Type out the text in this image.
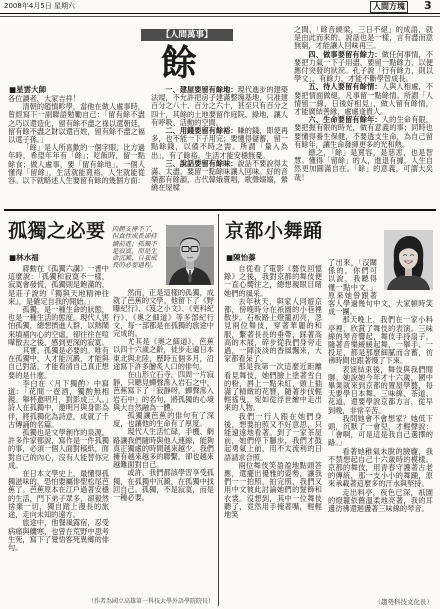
2008年4月5日 星期六	人間方塊 3
【人間萬事】
餘
■星雲大師

各位讀者，大家吉祥！

清朝的趙慎畛學，當他在做人處事時，曾經寫下一副聯語勉勵自己：「留有餘不盡之巧以還造化，留有餘不盡之祿以還朝廷，留有餘不盡之財以還百姓，留有餘不盡之福以還子孫。」

「餘」是人所喜歡的一個字眼，比方過年時，希望年年有「餘」；吃飯時，留一點餘食；做人處事，要「留有餘地」。一個人懂得「留餘」，生活就能寬裕，人生就能從容。以下就略述人生要留有餘的幾個方面：

一、建屋要留有餘地：現代進步的建築法規，不允許把房子建滿整塊基地，只准建百分之八十、百分之六十，甚至只有百分之四十，其餘的土地要留作庭院、綠地，讓人有呼吸、活動的空間。

二、用錢要留有餘裕：賺的錢，即使再多，也不能一下子用完；要懂得儲蓄，留一點餘錢，以備不時之需。所謂「量入為出」，有了餘裕，生活才能安穩無憂。

三、說話要留有餘味：說話不要說得太滿、太盡，要留一點餘味讓人回味。好的音樂都有餘韻，古代韓娥賣唱，歌聲嫋嫋，縈繞在屋樑

之間，「餘音繞梁，三日不絕」的成語，就是由此而來的。說話也是一樣，言有盡而意無窮，才能讓人回味再三。

四、做事要留有餘力：做任何事情，不要把力氣一下子用盡，要留一點餘力，以便應付突發的狀況。孔子說「行有餘力，則以學文」，有餘力，才能不斷學習成長。

五、待人要留有餘情：人與人相處，不要把情面做絕，凡事留一點餘情。所謂「人情留一線，日後好相見」，做人留有餘情，才能廣結善緣，處處逢貴人。

六、生命要留有餘年：人的生命有限，要把握有限的時光，做有意義的事；同時也要懂得養生保健，不要透支生命，為自己留有餘年，讓生命發揮更多的光和熱。

總之，「餘」是寬容，是慈悲，也是智慧。懂得「留餘」的人，進退有據，人生自然更加圓滿自在。「餘」的意義，可謂大矣哉！

孤獨之必要
■林水福
肉體支撐不了，但真性成長卻持續前進；孤獨不是寂寞，而是生命沉澱、自我成長的必要過程。

蔣勳在《孤獨六講》一書中這麼說：「孤獨和寂寞不一樣，寂寞會發慌，孤獨則是飽滿的，是莊子說的『獨與天地精神往來』，是確定自我的開始。」

孤獨，是一種生命的狀態，也是一種生活的態度。現代人害怕孤獨，總想擠進人群，以熱鬧來填補內心的空虛，卻往往在喧嘩散去之後，感到更深的寂寞。

其實，孤獨是必要的。唯有在孤獨中，人才能沉澱，才能與自己對話，才能看清自己真正想要的是什麼。

李白在〈月下獨酌〉中寫道：「花間一壺酒，獨酌無相親。舉杯邀明月，對影成三人。」詩人在孤獨中，邀明月與身影為伴，將孤獨化為詩意，成就了千古傳誦的名篇。

孤獨也是文學創作的泉源。許多作家都說，寫作是一件孤獨的事，必須一個人面對稿紙，面對自己的內心，沒有人能替你完成。

在日本文學史上，最懂得孤獨滋味的，恐怕要屬俳聖松尾芭蕉了。芭蕉原本在江戶過著安穩的生活，門下弟子眾多，卻毅然捨棄一切，獨自踏上漫長的旅途，走向未知的遠方。

旅途中，他餐風露宿，忍受病痛與饑寒，也曾在荒野中思考生死，寫下了覺悟客死異鄉的俳句。

然而，正是這樣的孤獨，成就了芭蕉的文學。他留下了《野曝紀行》、《笈之小文》、《更科紀行》、《奧之細道》等多部紀行文，每一部都是在孤獨的旅途中完成的。

尤其是《奧之細道》，芭蕉以四十六歲之齡，徒步走遍日本東北與北陸，歷時五個多月，沿途寫下許多膾炙人口的俳句。

在山形立石寺，四周一片寂靜，只聽見蟬聲滲入岩石之中，芭蕉寫下了「寂靜呀，蟬聲滲入岩石中」的名句，將孤獨的心境與大自然融為一體。

孤獨讓芭蕉的俳句有了深度，也讓他的生命有了厚度。

現代人生活忙碌，手機、網路讓我們隨時與他人連線，能夠真正獨處的時間越來越少。我們擁有越來越多的聯繫，卻也越來越難面對自己。

或許，我們都該學習享受孤獨，在孤獨中沉澱，在孤獨中找回自己。孤獨，不是寂寞，而是一種必要。

（作者為國立高雄第一科技大學外語學院院長）
京都小舞踊
■陳怡蓁

自從看了電影《藝伎回憶錄》之後，我對京都的舞伎便一直心嚮往之，總想親眼目睹她們的風采。

去年秋天，與家人同遊京都，傍晚時分在祇園的小巷裡散步。石板路上燈籠初亮，忽見兩位舞伎，穿著華麗的和服，繫著長長的垂帶，踩著高高的木屐，碎步從我們身旁走過，一陣淡淡的香風飄來，大家都看呆了。

那是我第一次這麼近距離看見舞伎，她們臉上塗著雪白的粉，唇上一點朱紅，頭上插滿了精緻的花簪，隨著步伐輕輕搖曳，宛如從浮世繪中走出來的人物。

我們一行人跟在她們身後，想要拍照又不好意思，只能遠遠地看著。到了一家茶屋前，她們停下腳步，我們才鼓起勇氣上前，用不太流利的日語請求合照。

兩位舞伎笑盈盈地點頭答應，還擺出優雅的姿勢，讓我們一一拍照。拍完照，我們又用中文彼此討論她們的髮飾和衣裳。沒想到，其中一位舞伎聽了，竟然用手掩著嘴，輕輕地笑

了出來，「沒關係的，你們可以說，我聽得懂一點中文。」原來她曾跟著客人學過幾句中文，大家頓時笑成一團。

那天晚上，我們在一家小料亭裡，欣賞了舞伎的表演。三味線的琴音響起，舞伎手持扇子，隨著音樂緩緩起舞，一舉手、一投足，都是那麼細膩而含蓄，彷彿時間也跟著慢了下來。

表演結束後，舞伎與我們閒聊。她說她今年才十六歲，國中畢業就來到京都的置屋學藝，每天要學日本舞、三味線、茶道、花道，還要學說京都方言，從早到晚，非常辛苦。

我問她會不會想家？她低下頭，沉默了一會兒，才輕聲說：「會啊，可是這是我自己選擇的路。」

看著她稚氣未脫的臉龐，我不禁想起自己十六歲時的模樣。京都的舞伎，用青春守護著古老的傳統，那一支小小的舞踊，原來承載著這麼多的汗水與堅持。

走出料亭，夜色已深，祇園的燈籠依舊溫柔地亮著，我的耳邊彷彿還迴盪著三味線的琴音。

（趨勢科技文化長）
